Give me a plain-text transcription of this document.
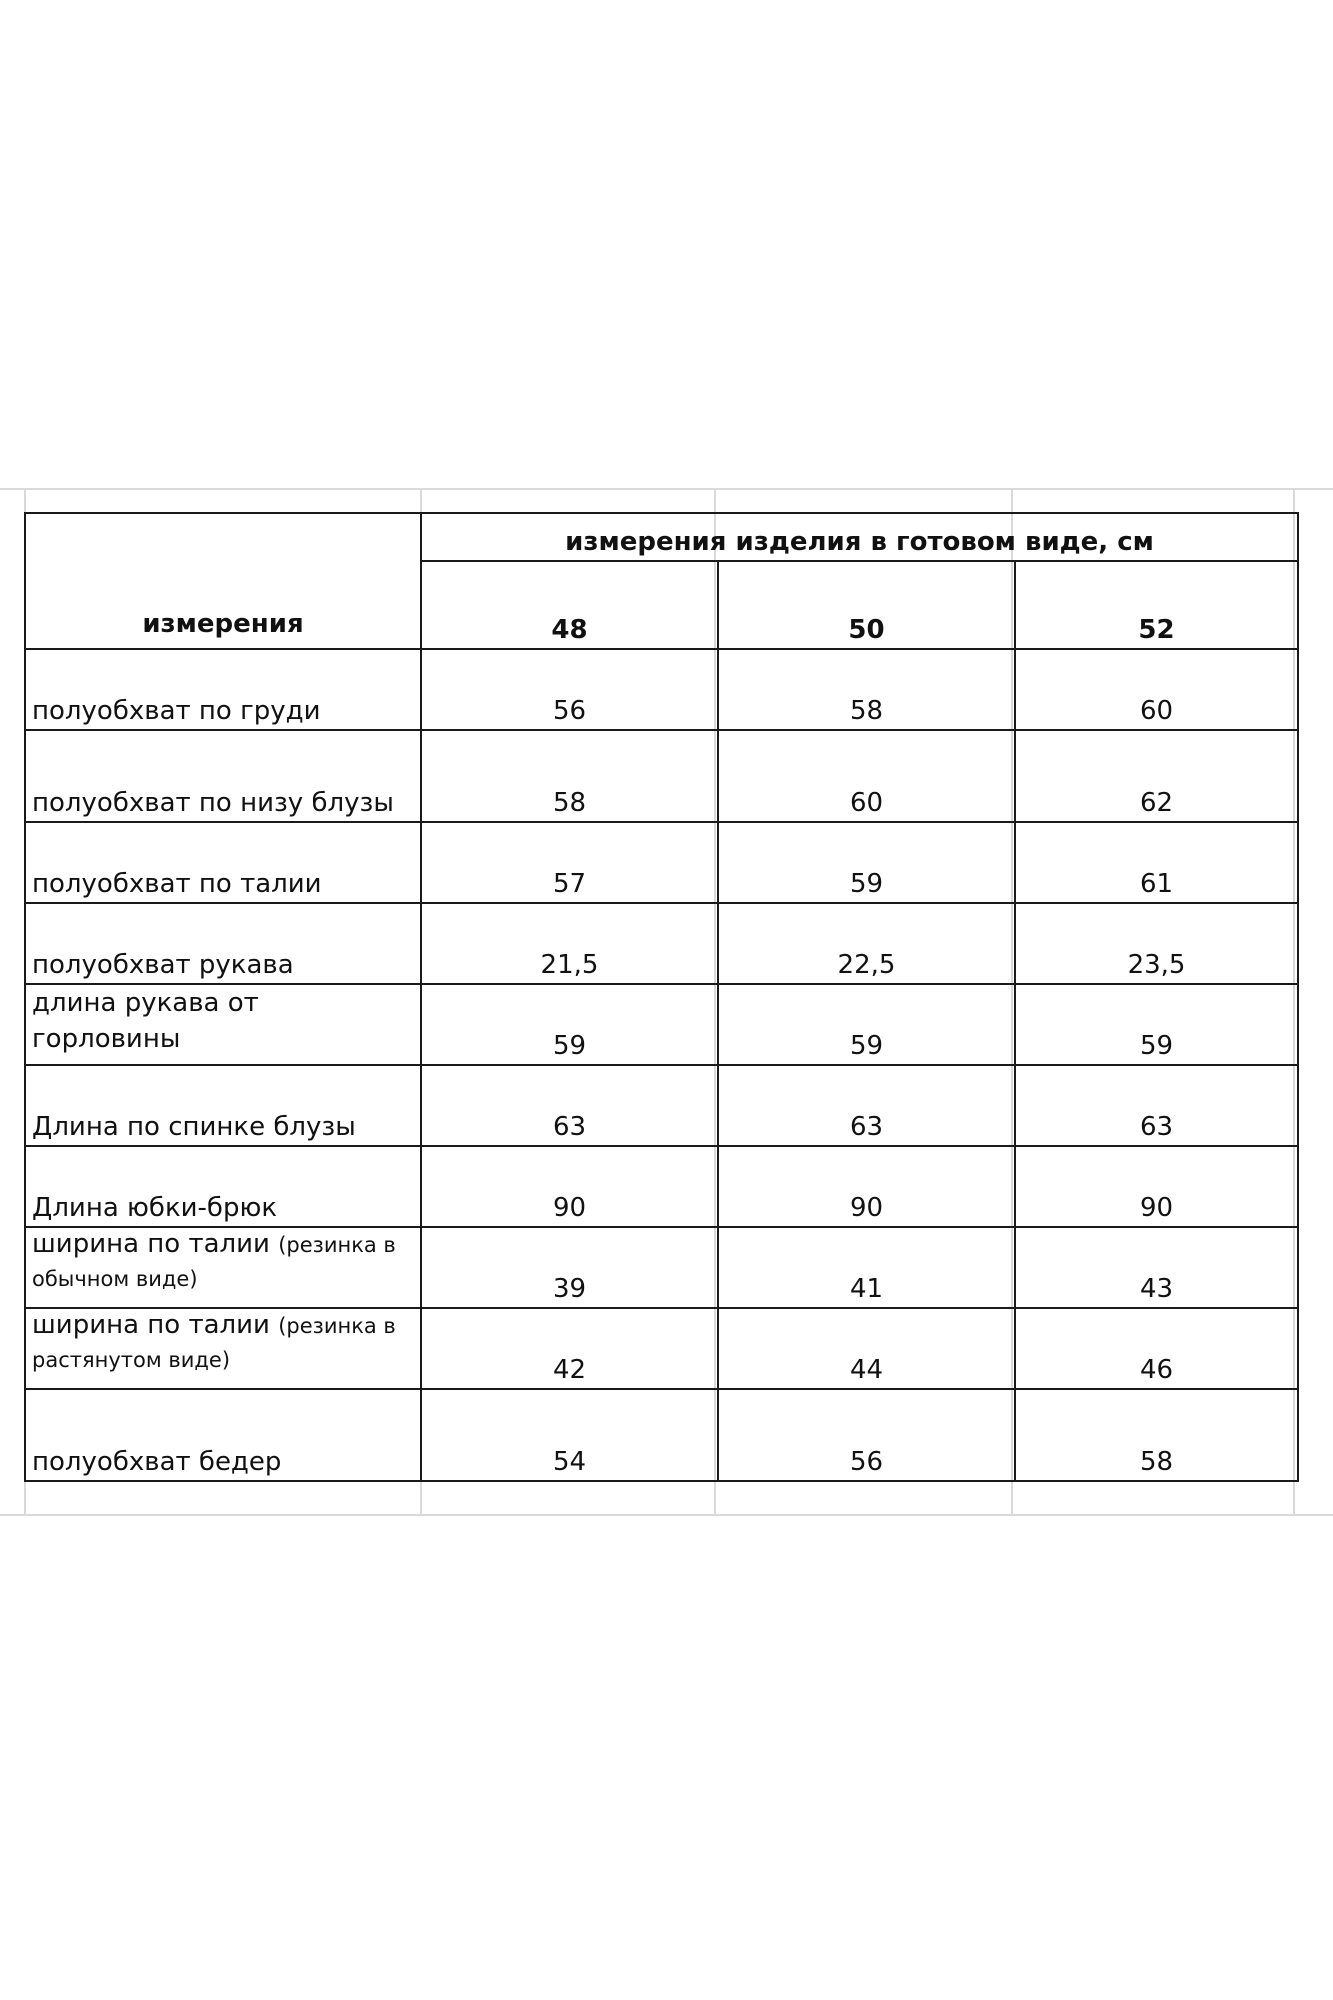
измерения	измерения изделия в готовом виде, см		
	48	50	52
полуобхват по груди	56	58	60
полуобхват по низу блузы	58	60	62
полуобхват по талии	57	59	61
полуобхват рукава	21,5	22,5	23,5
длина рукава от горловины	59	59	59
Длина по спинке блузы	63	63	63
Длина юбки-брюк	90	90	90
ширина по талии (резинка в обычном виде)	39	41	43
ширина по талии (резинка в растянутом виде)	42	44	46
полуобхват бедер	54	56	58
